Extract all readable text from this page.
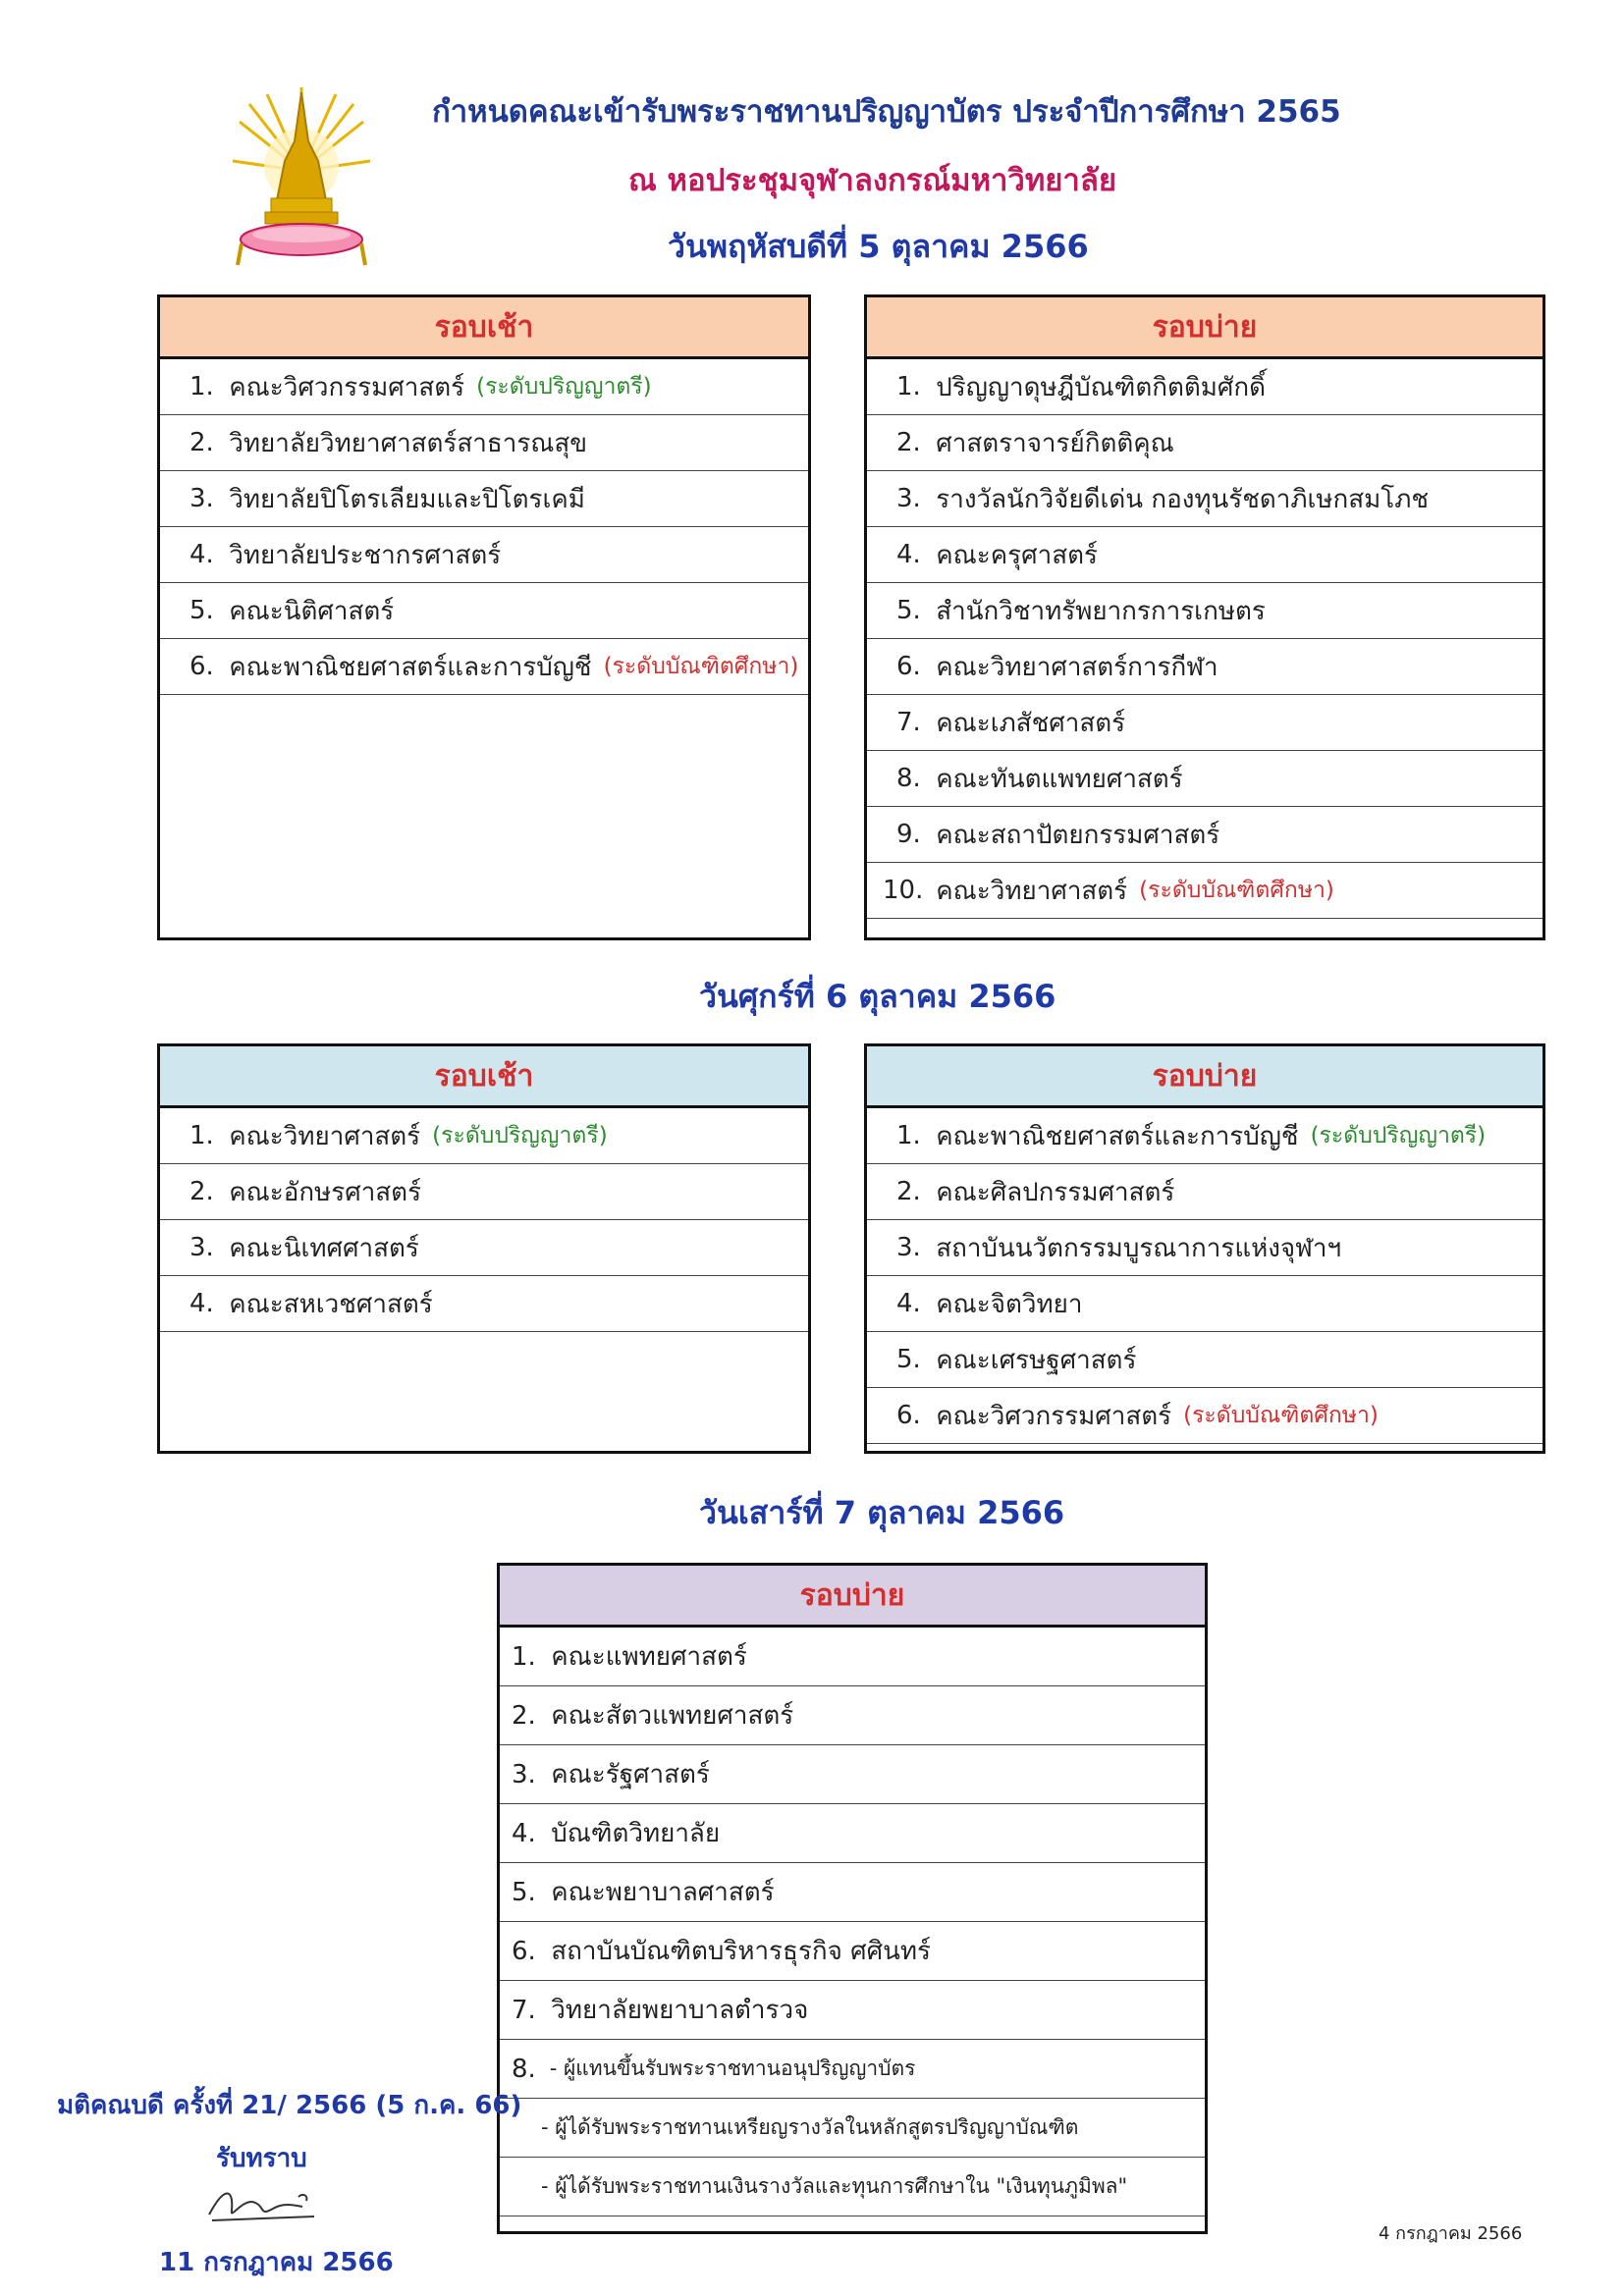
กำหนดคณะเข้ารับพระราชทานปริญญาบัตร ประจำปีการศึกษา 2565
ณ หอประชุมจุฬาลงกรณ์มหาวิทยาลัย
วันพฤหัสบดีที่ 5 ตุลาคม 2566
รอบเช้า
1.
คณะวิศวกรรมศาสตร์ (ระดับปริญญาตรี)
2.
วิทยาลัยวิทยาศาสตร์สาธารณสุข
3.
วิทยาลัยปิโตรเลียมและปิโตรเคมี
4.
วิทยาลัยประชากรศาสตร์
5.
คณะนิติศาสตร์
6.
คณะพาณิชยศาสตร์และการบัญชี (ระดับบัณฑิตศึกษา)
รอบบ่าย
1.
ปริญญาดุษฎีบัณฑิตกิตติมศักดิ์
2.
ศาสตราจารย์กิตติคุณ
3.
รางวัลนักวิจัยดีเด่น กองทุนรัชดาภิเษกสมโภช
4.
คณะครุศาสตร์
5.
สำนักวิชาทรัพยากรการเกษตร
6.
คณะวิทยาศาสตร์การกีฬา
7.
คณะเภสัชศาสตร์
8.
คณะทันตแพทยศาสตร์
9.
คณะสถาปัตยกรรมศาสตร์
10.
คณะวิทยาศาสตร์ (ระดับบัณฑิตศึกษา)
วันศุกร์ที่ 6 ตุลาคม 2566
รอบเช้า
1.
คณะวิทยาศาสตร์ (ระดับปริญญาตรี)
2.
คณะอักษรศาสตร์
3.
คณะนิเทศศาสตร์
4.
คณะสหเวชศาสตร์
รอบบ่าย
1.
คณะพาณิชยศาสตร์และการบัญชี (ระดับปริญญาตรี)
2.
คณะศิลปกรรมศาสตร์
3.
สถาบันนวัตกรรมบูรณาการแห่งจุฬาฯ
4.
คณะจิตวิทยา
5.
คณะเศรษฐศาสตร์
6.
คณะวิศวกรรมศาสตร์ (ระดับบัณฑิตศึกษา)
วันเสาร์ที่ 7 ตุลาคม 2566
รอบบ่าย
1.
คณะแพทยศาสตร์
2.
คณะสัตวแพทยศาสตร์
3.
คณะรัฐศาสตร์
4.
บัณฑิตวิทยาลัย
5.
คณะพยาบาลศาสตร์
6.
สถาบันบัณฑิตบริหารธุรกิจ ศศินทร์
7.
วิทยาลัยพยาบาลตำรวจ
8.
- ผู้แทนขึ้นรับพระราชทานอนุปริญญาบัตร
- ผู้ได้รับพระราชทานเหรียญรางวัลในหลักสูตรปริญญาบัณฑิต
- ผู้ได้รับพระราชทานเงินรางวัลและทุนการศึกษาใน "เงินทุนภูมิพล"
มติคณบดี ครั้งที่ 21/ 2566 (5 ก.ค. 66)
รับทราบ
11 กรกฎาคม 2566
4 กรกฎาคม 2566
